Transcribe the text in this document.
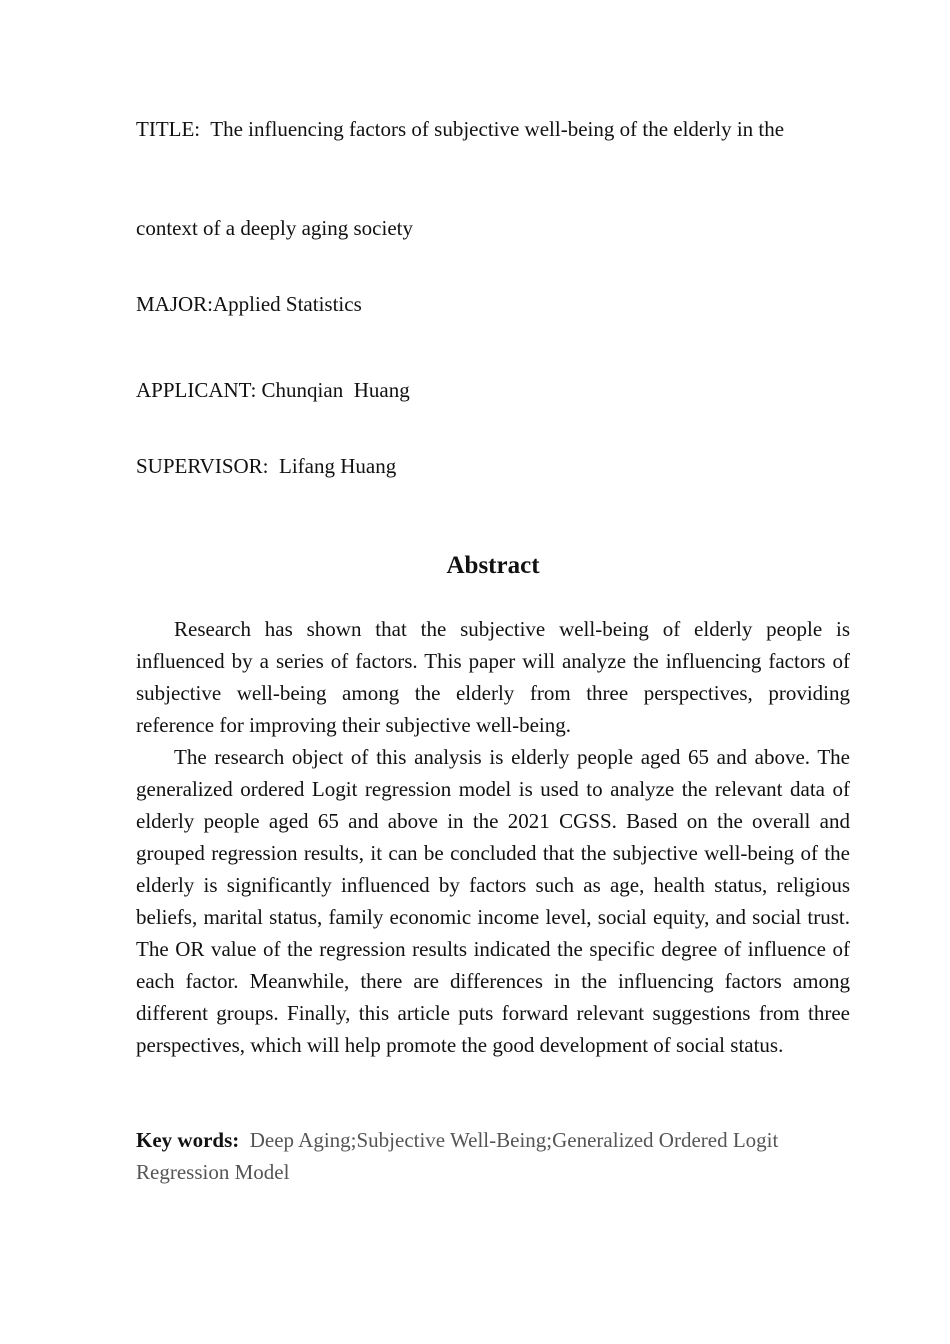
TITLE:  The influencing factors of subjective well-being of the elderly in the
context of a deeply aging society
MAJOR:Applied Statistics
APPLICANT: Chunqian  Huang
SUPERVISOR:  Lifang Huang
Abstract

Research has shown that the subjective well-being of elderly people is influenced by a series of factors. This paper will analyze the influencing factors of subjective well-being among the elderly from three perspectives, providing reference for improving their subjective well-being.

The research object of this analysis is elderly people aged 65 and above. The generalized ordered Logit regression model is used to analyze the relevant data of elderly people aged 65 and above in the 2021 CGSS. Based on the overall and grouped regression results, it can be concluded that the subjective well-being of the elderly is significantly influenced by factors such as age, health status, religious beliefs, marital status, family economic income level, social equity, and social trust. The OR value of the regression results indicated the specific degree of influence of each factor. Meanwhile, there are differences in the influencing factors among different groups. Finally, this article puts forward relevant suggestions from three perspectives, which will help promote the good development of social status.

Key words: Deep Aging;Subjective Well-Being;Generalized Ordered Logit Regression Model
